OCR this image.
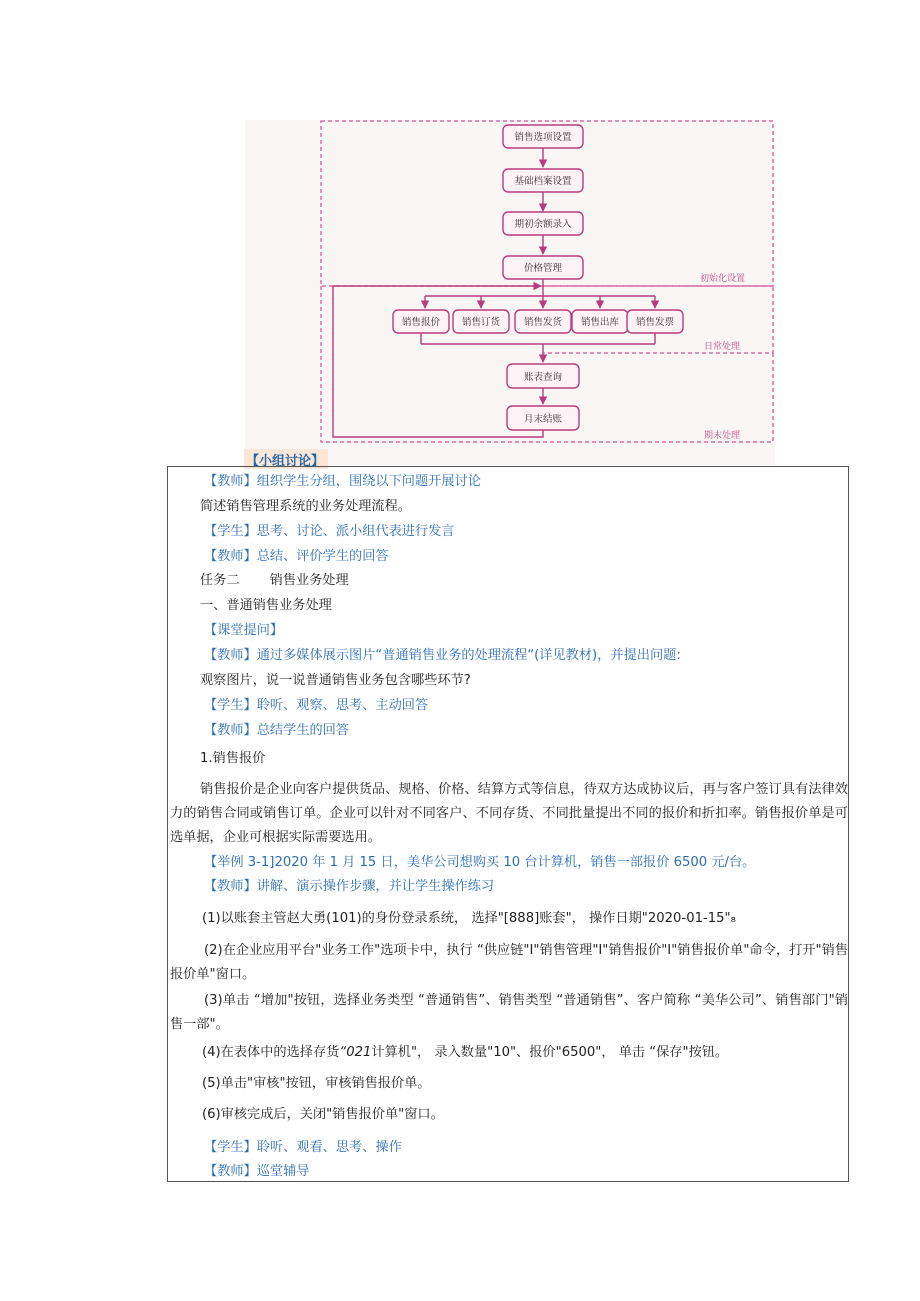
销售选项设置
基础档案设置
期初余额录入
价格管理
销售报价 销售订货	销售发货 销售出库 销售发票
账表查询
月末结账
初始化设置
日常处理
期末处理
【小组讨论】
【教师】组织学生分组，围绕以下问题开展讨论
简述销售管理系统的业务处理流程。
【学生】思考、讨论、派小组代表进行发言
【教师】总结、评价学生的回答
任务二 销售业务处理
一、普通销售业务处理
【课堂提问】
【教师】通过多媒体展示图片“普通销售业务的处理流程“(详见教材)，并提出问题:
观察图片，说一说普通销售业务包含哪些环节?
【学生】聆听、观察、思考、主动回答
【教师】总结学生的回答
1.销售报价
销售报价是企业向客户提供货品、规格、价格、结算方式等信息，待双方达成协议后，再与客户签订具有法律效力的销售合同或销售订单。企业可以针对不同客户、不同存货、不同批量提出不同的报价和折扣率。销售报价单是可选单据，企业可根据实际需要选用。
【举例 3-1]2020 年 1 月 15 日，美华公司想购买 10 台计算机，销售一部报价 6500 元/台。
【教师】讲解、演示操作步骤，并让学生操作练习
(1)以账套主管赵大勇(101)的身份登录系统， 选择"[888]账套"， 操作日期"2020-01-15"₈
(2)在企业应用平台"业务工作"选项卡中，执行 “供应链"I"销售管理"I"销售报价"I"销售报价单"命令，打开"销售报价单"窗口。
(3)单击 “增加"按钮，选择业务类型 “普通销售”、销售类型 “普通销售”、客户简称 “美华公司”、销售部门"销售一部"。
(4)在表体中的选择存货“021计算机"， 录入数量"10"、报价"6500"， 单击 “保存"按钮。
(5)单击"审核"按钮，审核销售报价单。
(6)审核完成后，关闭"销售报价单"窗口。
【学生】聆听、观看、思考、操作
【教师】巡堂辅导
